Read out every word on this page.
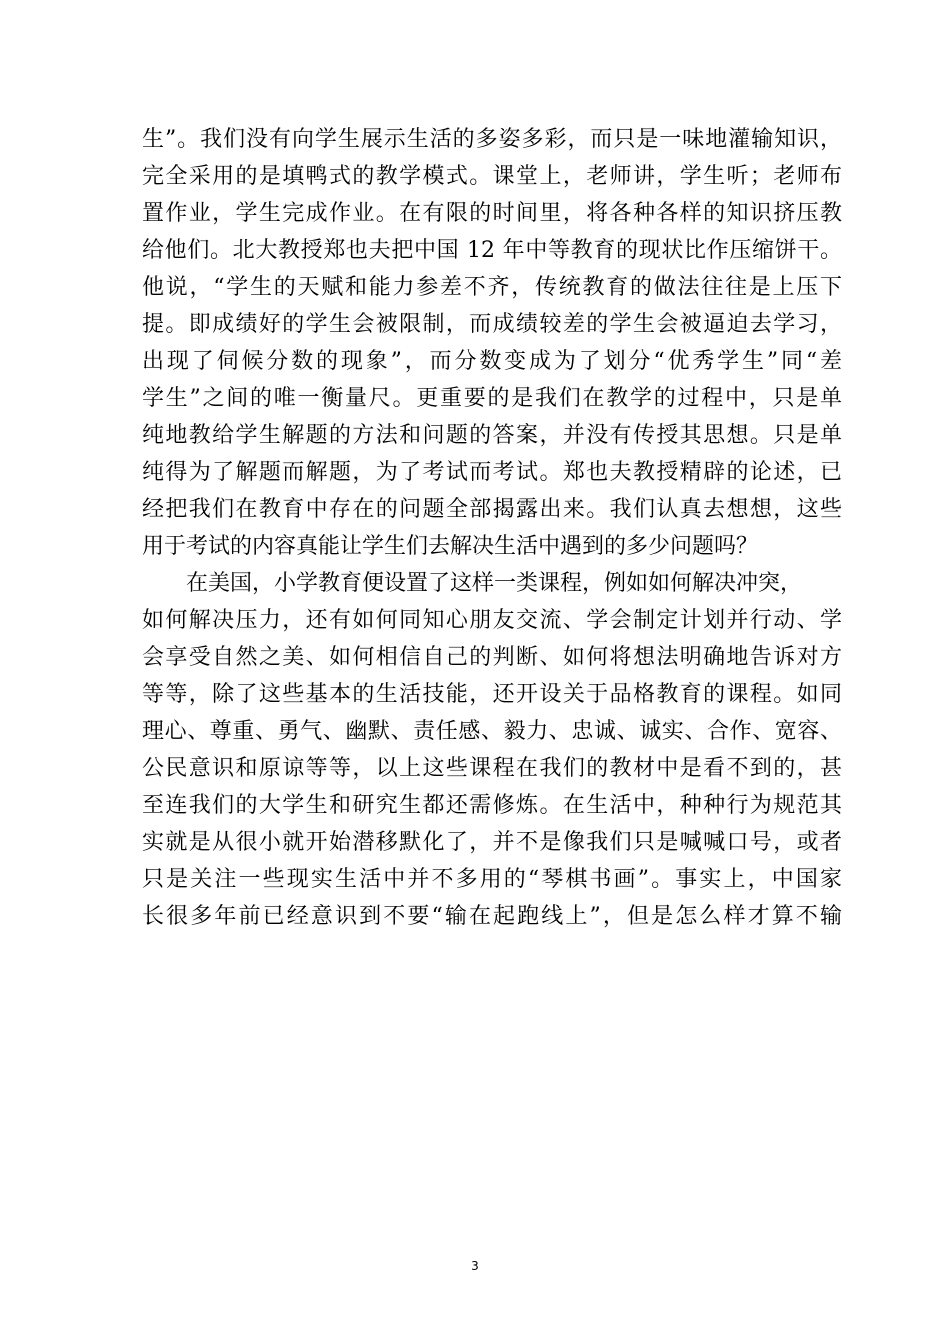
生”。我们没有向学生展示生活的多姿多彩，而只是一味地灌输知识，
完全采用的是填鸭式的教学模式。课堂上，老师讲，学生听；老师布
置作业，学生完成作业。在有限的时间里，将各种各样的知识挤压教
给他们。北大教授郑也夫把中国 12 年中等教育的现状比作压缩饼干。
他说，“学生的天赋和能力参差不齐，传统教育的做法往往是上压下
提。即成绩好的学生会被限制，而成绩较差的学生会被逼迫去学习，
出现了伺候分数的现象”，而分数变成为了划分“优秀学生”同“差
学生”之间的唯一衡量尺。更重要的是我们在教学的过程中，只是单
纯地教给学生解题的方法和问题的答案，并没有传授其思想。只是单
纯得为了解题而解题，为了考试而考试。郑也夫教授精辟的论述，已
经把我们在教育中存在的问题全部揭露出来。我们认真去想想，这些
用于考试的内容真能让学生们去解决生活中遇到的多少问题吗？
在美国，小学教育便设置了这样一类课程，例如如何解决冲突，
如何解决压力，还有如何同知心朋友交流、学会制定计划并行动、学
会享受自然之美、如何相信自己的判断、如何将想法明确地告诉对方
等等，除了这些基本的生活技能，还开设关于品格教育的课程。如同
理心、尊重、勇气、幽默、责任感、毅力、忠诚、诚实、合作、宽容、
公民意识和原谅等等，以上这些课程在我们的教材中是看不到的，甚
至连我们的大学生和研究生都还需修炼。在生活中，种种行为规范其
实就是从很小就开始潜移默化了，并不是像我们只是喊喊口号，或者
只是关注一些现实生活中并不多用的“琴棋书画”。事实上，中国家
长很多年前已经意识到不要“输在起跑线上”，但是怎么样才算不输
3
